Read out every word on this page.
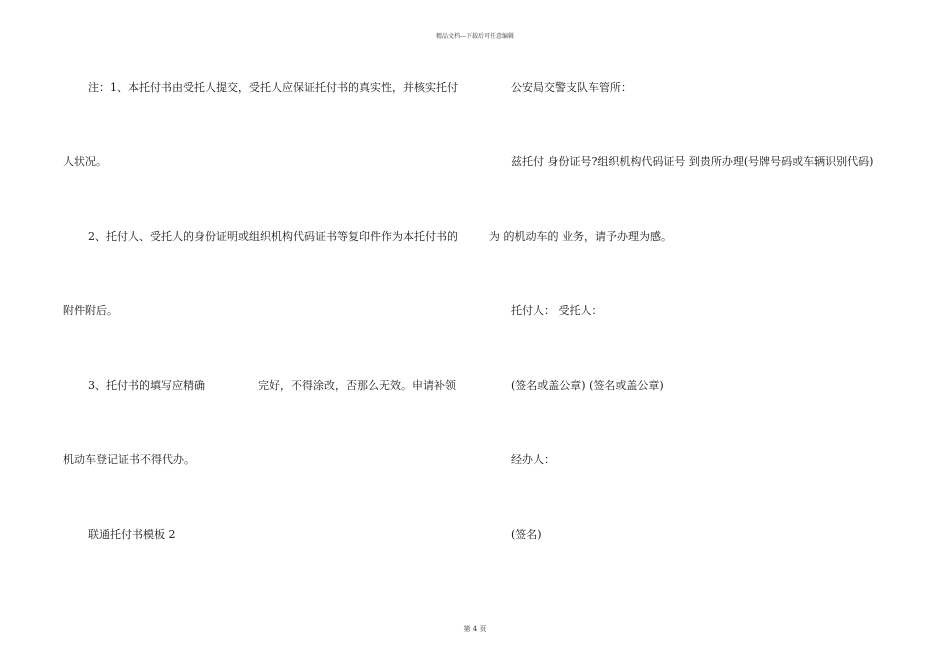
精品文档---下载后可任意编辑
注：1、本托付书由受托人提交，受托人应保证托付书的真实性，并核实托付
人状况。
2、托付人、受托人的身份证明或组织机构代码证书等复印件作为本托付书的
附件附后。
3、托付书的填写应精确	完好，不得涂改，否那么无效。申请补领
机动车登记证书不得代办。
联通托付书模板 2
公安局交警支队车管所：
兹托付 身份证号?组织机构代码证号 到贵所办理(号牌号码或车辆识别代码)
为 的机动车的 业务，请予办理为感。
托付人： 受托人：
(签名或盖公章) (签名或盖公章)
经办人：
(签名)
第 4 页
